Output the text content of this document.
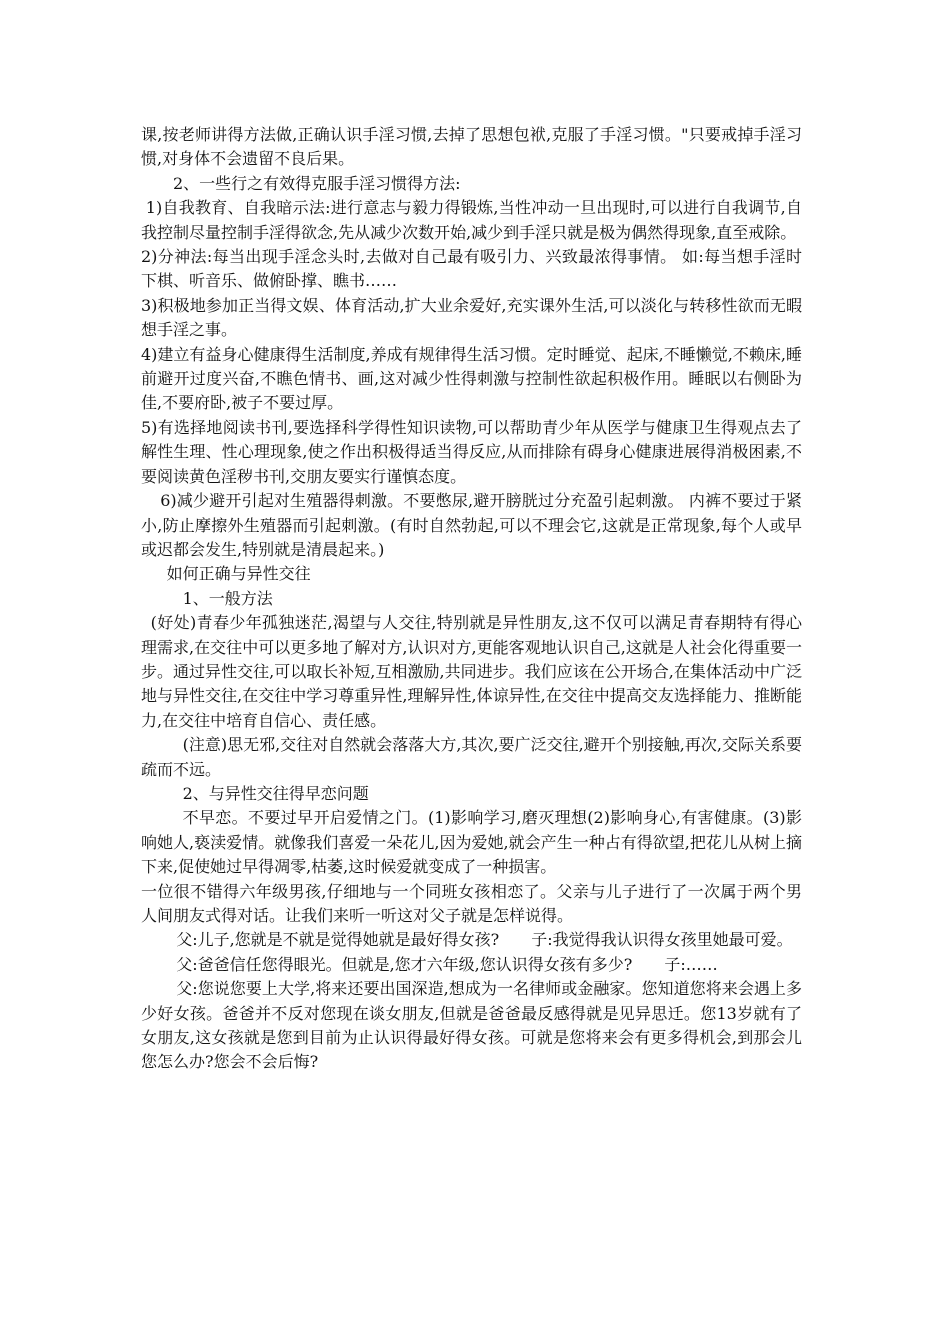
课,按老师讲得方法做,正确认识手淫习惯,去掉了思想包袱,克服了手淫习惯。"只要戒掉手淫习惯,对身体不会遗留不良后果。

2、一些行之有效得克服手淫习惯得方法:

1)自我教育、自我暗示法:进行意志与毅力得锻炼,当性冲动一旦出现时,可以进行自我调节,自我控制尽量控制手淫得欲念,先从减少次数开始,减少到手淫只就是极为偶然得现象,直至戒除。

2)分神法:每当出现手淫念头时,去做对自己最有吸引力、兴致最浓得事情。 如:每当想手淫时下棋、听音乐、做俯卧撑、瞧书……

3)积极地参加正当得文娱、体育活动,扩大业余爱好,充实课外生活,可以淡化与转移性欲而无暇想手淫之事。

4)建立有益身心健康得生活制度,养成有规律得生活习惯。定时睡觉、起床,不睡懒觉,不赖床,睡前避开过度兴奋,不瞧色情书、画,这对减少性得刺激与控制性欲起积极作用。睡眠以右侧卧为佳,不要府卧,被子不要过厚。

5)有选择地阅读书刊,要选择科学得性知识读物,可以帮助青少年从医学与健康卫生得观点去了解性生理、性心理现象,使之作出积极得适当得反应,从而排除有碍身心健康进展得消极困素,不要阅读黄色淫秽书刊,交朋友要实行谨慎态度。

6)减少避开引起对生殖器得刺激。不要憋尿,避开膀胱过分充盈引起刺激。 内裤不要过于紧小,防止摩擦外生殖器而引起刺激。(有时自然勃起,可以不理会它,这就是正常现象,每个人或早或迟都会发生,特别就是清晨起来。)

如何正确与异性交往

1、一般方法

(好处)青春少年孤独迷茫,渴望与人交往,特别就是异性朋友,这不仅可以满足青春期特有得心理需求,在交往中可以更多地了解对方,认识对方,更能客观地认识自己,这就是人社会化得重要一步。通过异性交往,可以取长补短,互相激励,共同进步。我们应该在公开场合,在集体活动中广泛地与异性交往,在交往中学习尊重异性,理解异性,体谅异性,在交往中提高交友选择能力、推断能力,在交往中培育自信心、责任感。

(注意)思无邪,交往对自然就会落落大方,其次,要广泛交往,避开个别接触,再次,交际关系要疏而不远。

2、与异性交往得早恋问题

不早恋。不要过早开启爱情之门。(1)影响学习,磨灭理想(2)影响身心,有害健康。(3)影响她人,亵渎爱情。就像我们喜爱一朵花儿,因为爱她,就会产生一种占有得欲望,把花儿从树上摘下来,促使她过早得凋零,枯萎,这时候爱就变成了一种损害。

一位很不错得六年级男孩,仔细地与一个同班女孩相恋了。父亲与儿子进行了一次属于两个男人间朋友式得对话。让我们来听一听这对父子就是怎样说得。

父:儿子,您就是不就是觉得她就是最好得女孩?　　子:我觉得我认识得女孩里她最可爱。

父:爸爸信任您得眼光。但就是,您才六年级,您认识得女孩有多少?　　子:……

父:您说您要上大学,将来还要出国深造,想成为一名律师或金融家。您知道您将来会遇上多少好女孩。爸爸并不反对您现在谈女朋友,但就是爸爸最反感得就是见异思迁。您13岁就有了女朋友,这女孩就是您到目前为止认识得最好得女孩。可就是您将来会有更多得机会,到那会儿您怎么办?您会不会后悔?
